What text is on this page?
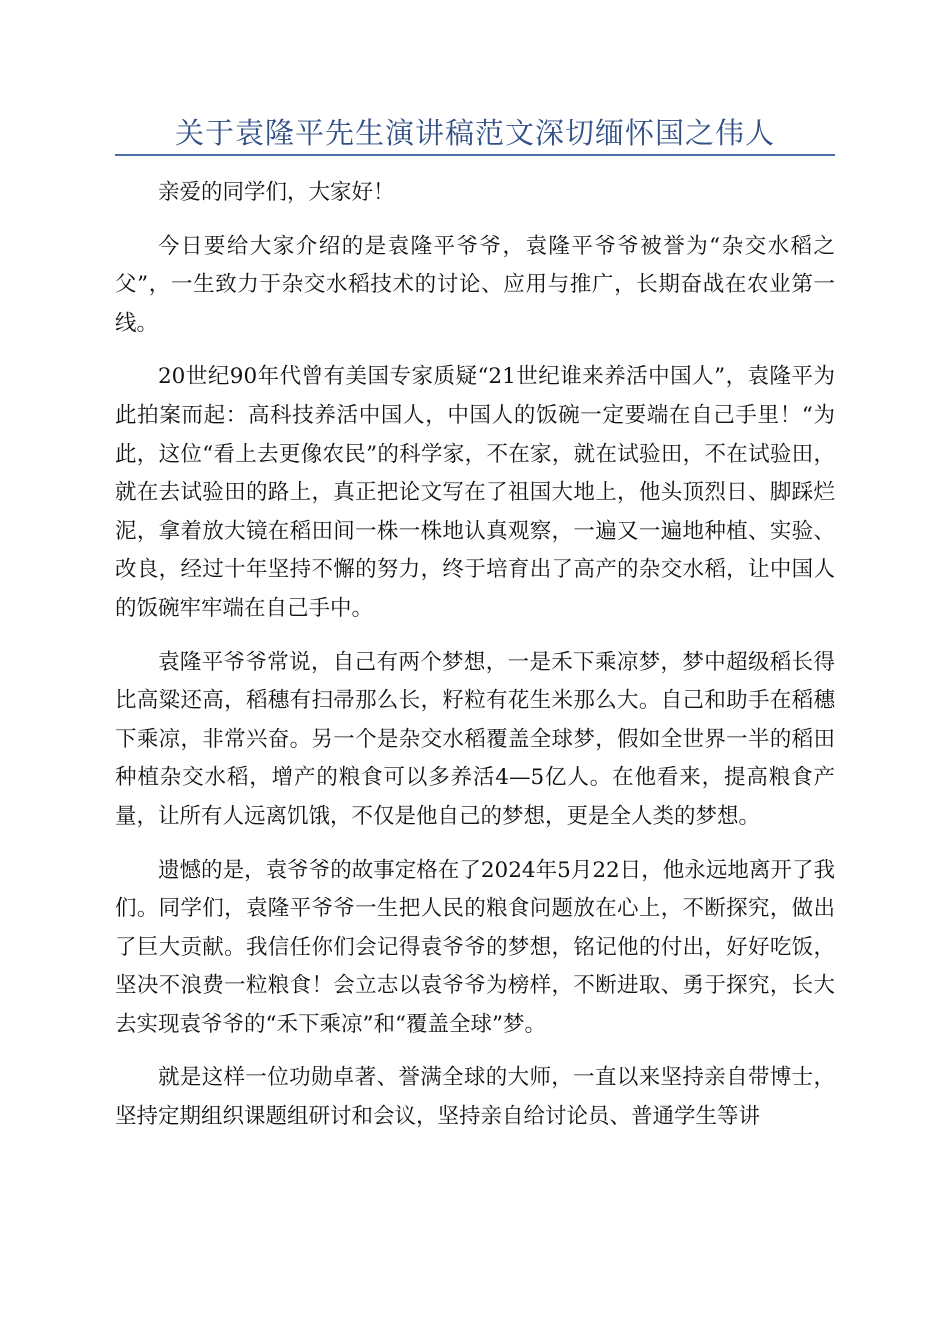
关于袁隆平先生演讲稿范文深切缅怀国之伟人

亲爱的同学们，大家好！

今日要给大家介绍的是袁隆平爷爷，袁隆平爷爷被誉为“杂交水稻之父”，一生致力于杂交水稻技术的讨论、应用与推广，长期奋战在农业第一线。

20世纪90年代曾有美国专家质疑“21世纪谁来养活中国人”，袁隆平为此拍案而起：高科技养活中国人，中国人的饭碗一定要端在自己手里！“为此，这位“看上去更像农民”的科学家，不在家，就在试验田，不在试验田，就在去试验田的路上，真正把论文写在了祖国大地上，他头顶烈日、脚踩烂泥，拿着放大镜在稻田间一株一株地认真观察，一遍又一遍地种植、实验、改良，经过十年坚持不懈的努力，终于培育出了高产的杂交水稻，让中国人的饭碗牢牢端在自己手中。

袁隆平爷爷常说，自己有两个梦想，一是禾下乘凉梦，梦中超级稻长得比高粱还高，稻穗有扫帚那么长，籽粒有花生米那么大。自己和助手在稻穗下乘凉，非常兴奋。另一个是杂交水稻覆盖全球梦，假如全世界一半的稻田种植杂交水稻，增产的粮食可以多养活4—5亿人。在他看来，提高粮食产量，让所有人远离饥饿，不仅是他自己的梦想，更是全人类的梦想。

遗憾的是，袁爷爷的故事定格在了2024年5月22日，他永远地离开了我们。同学们，袁隆平爷爷一生把人民的粮食问题放在心上，不断探究，做出了巨大贡献。我信任你们会记得袁爷爷的梦想，铭记他的付出，好好吃饭，坚决不浪费一粒粮食！会立志以袁爷爷为榜样，不断进取、勇于探究，长大去实现袁爷爷的“禾下乘凉”和“覆盖全球”梦。

就是这样一位功勋卓著、誉满全球的大师，一直以来坚持亲自带博士，坚持定期组织课题组研讨和会议，坚持亲自给讨论员、普通学生等讲
